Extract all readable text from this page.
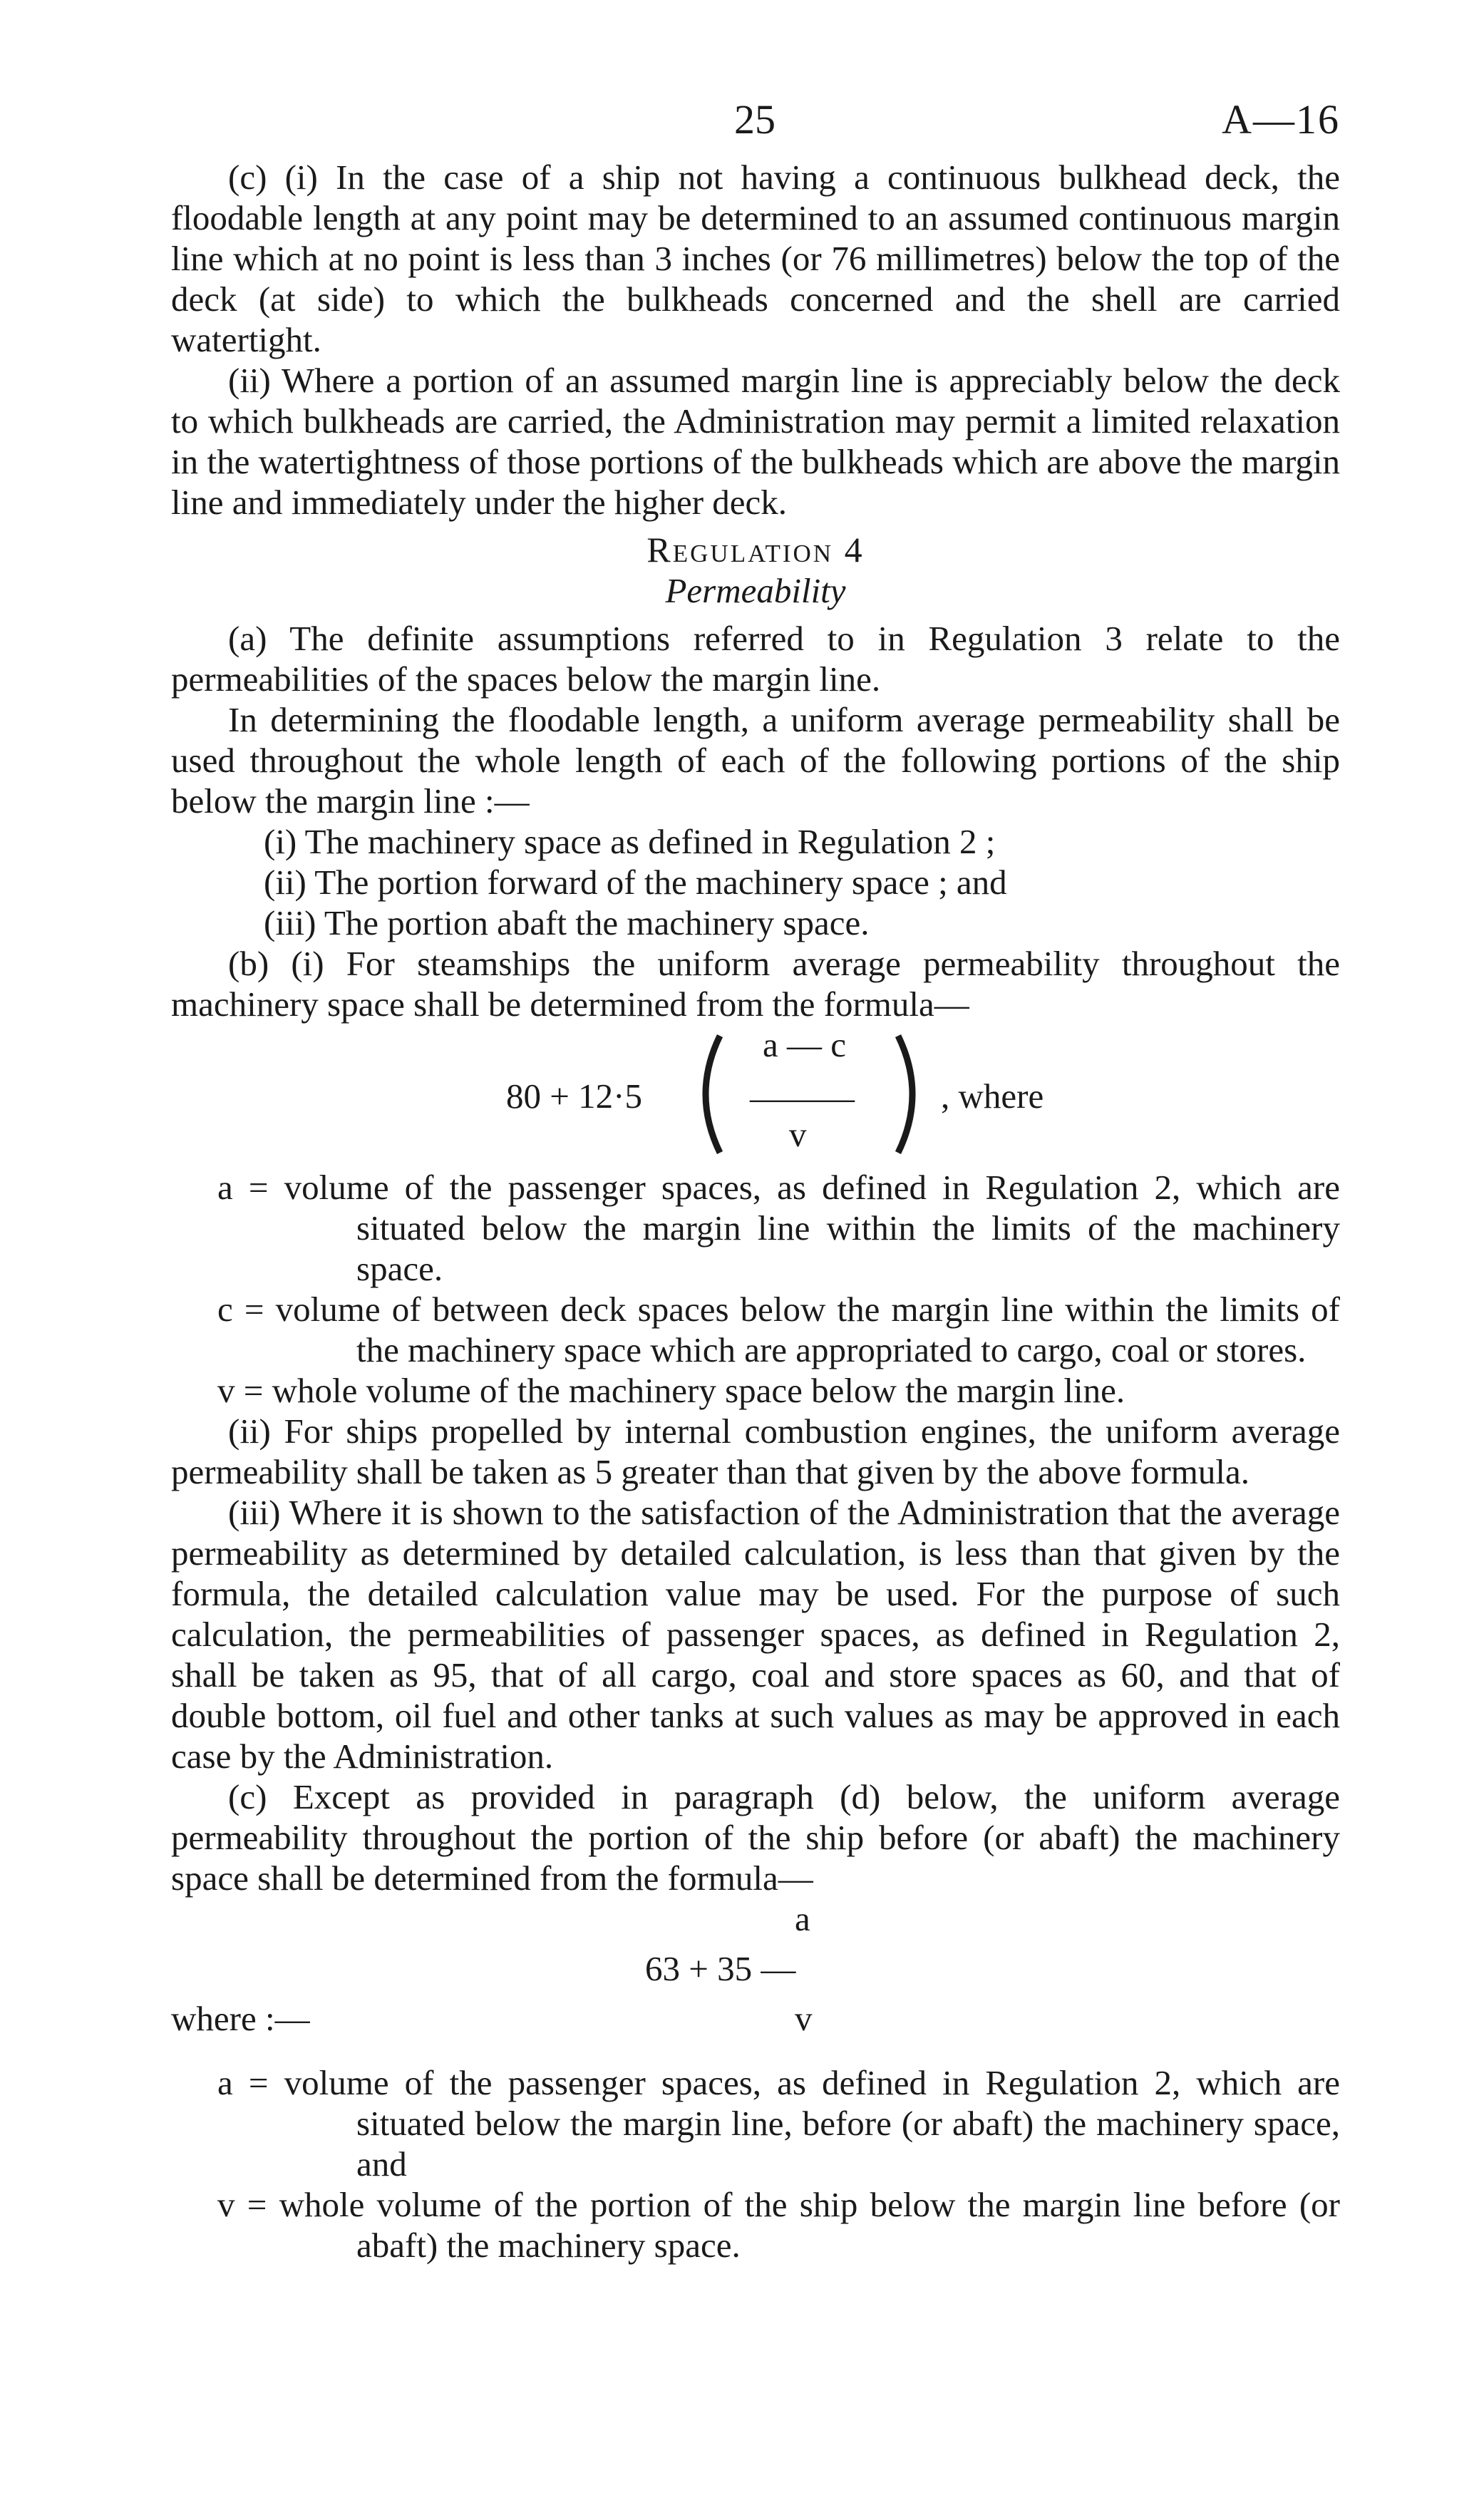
25	A—16

(c) (i) In the case of a ship not having a continuous bulkhead deck, the floodable length at any point may be determined to an assumed continuous margin line which at no point is less than 3 inches (or 76 millimetres) below the top of the deck (at side) to which the bulkheads concerned and the shell are carried watertight.

(ii) Where a portion of an assumed margin line is appreciably below the deck to which bulkheads are carried, the Administration may permit a limited relaxation in the watertightness of those portions of the bulkheads which are above the margin line and immediately under the higher deck.

Regulation 4

Permeability

(a) The definite assumptions referred to in Regulation 3 relate to the permeabilities of the spaces below the margin line.

In determining the floodable length, a uniform average permeability shall be used throughout the whole length of each of the following portions of the ship below the margin line :—

(i) The machinery space as defined in Regulation 2 ;

(ii) The portion forward of the machinery space ; and

(iii) The portion abaft the machinery space.

(b) (i) For steamships the uniform average permeability throughout the machinery space shall be determined from the formula—

80 + 12·5
a — c
———
v
, where

a = volume of the passenger spaces, as defined in Regulation 2, which are situated below the margin line within the limits of the machinery space.

c = volume of between deck spaces below the margin line within the limits of the machinery space which are appropriated to cargo, coal or stores.

v = whole volume of the machinery space below the margin line.

(ii) For ships propelled by internal combustion engines, the uniform average permeability shall be taken as 5 greater than that given by the above formula.

(iii) Where it is shown to the satisfaction of the Administration that the average permeability as determined by detailed calculation, is less than that given by the formula, the detailed calculation value may be used. For the purpose of such calculation, the permeabilities of passenger spaces, as defined in Regulation 2, shall be taken as 95, that of all cargo, coal and store spaces as 60, and that of double bottom, oil fuel and other tanks at such values as may be approved in each case by the Administration.

(c) Except as provided in paragraph (d) below, the uniform average permeability throughout the portion of the ship before (or abaft) the machinery space shall be determined from the formula—

a
63 + 35 —
v
where :—

a = volume of the passenger spaces, as defined in Regulation 2, which are situated below the margin line, before (or abaft) the machinery space, and

v = whole volume of the portion of the ship below the margin line before (or abaft) the machinery space.
